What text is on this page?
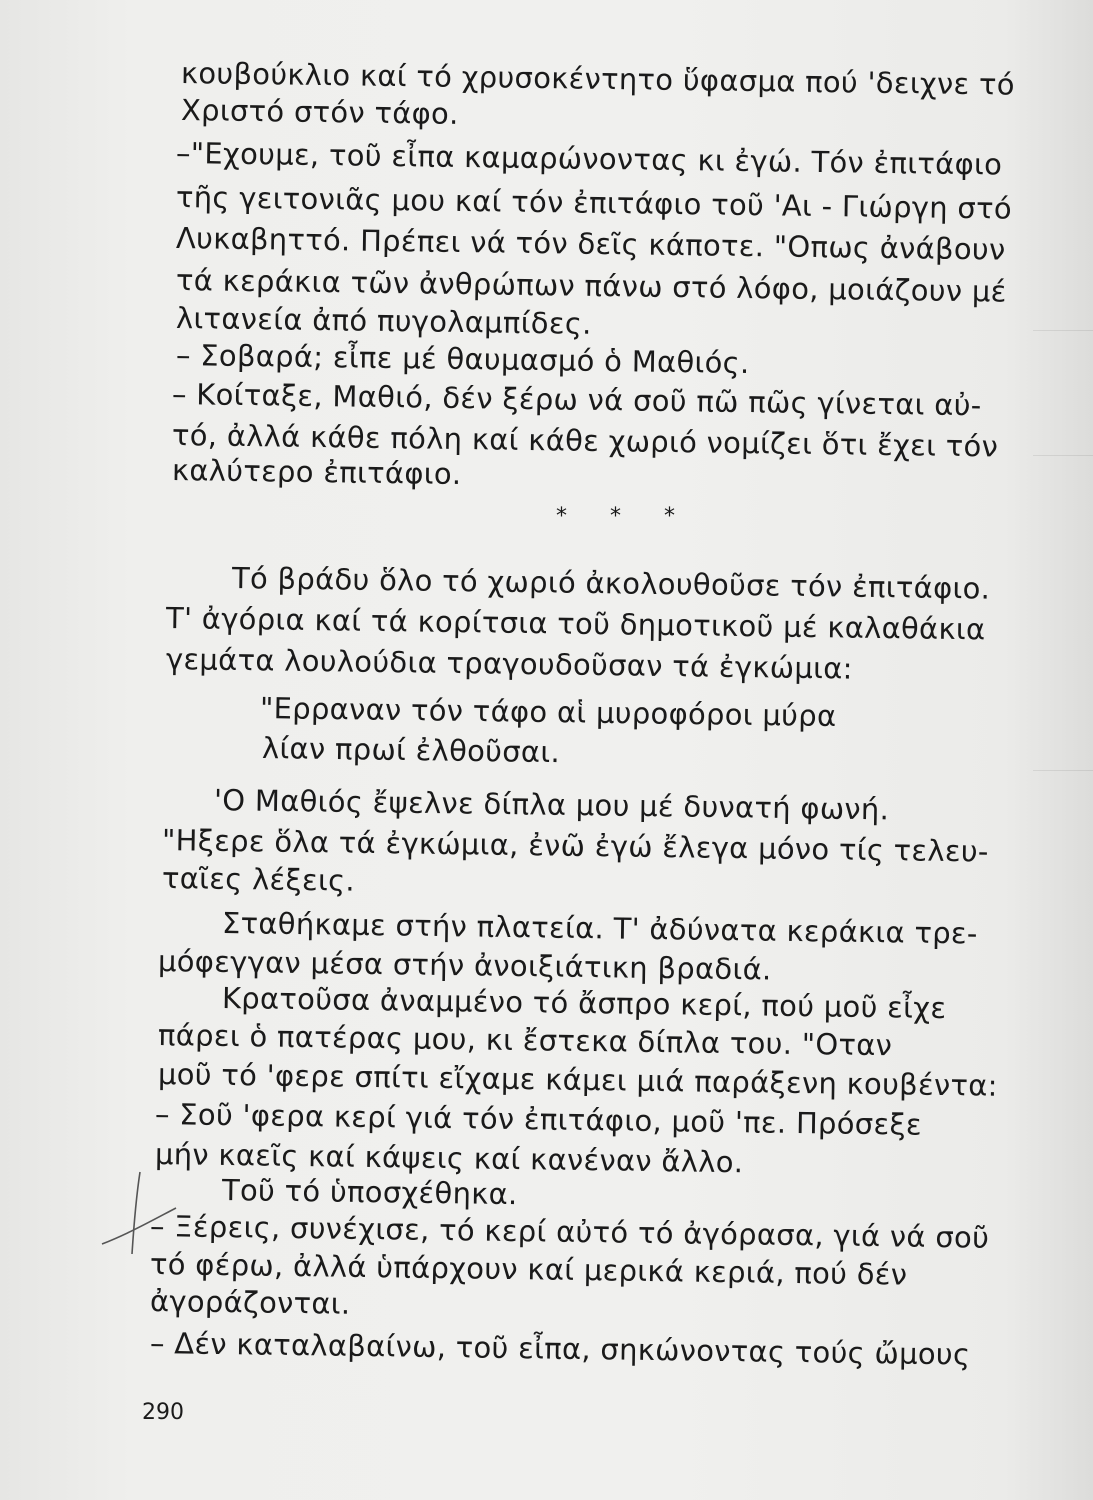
κουβούκλιο καί τό χρυσοκέντητο ὕφασμα πού 'δειχνε τό
Χριστό στόν τάφο.
–"Εχουμε, τοῦ εἶπα καμαρώνοντας κι ἐγώ. Τόν ἐπιτάφιο
τῆς γειτονιᾶς μου καί τόν ἐπιτάφιο τοῦ 'Αι - Γιώργη στό
Λυκαβηττό. Πρέπει νά τόν δεῖς κάποτε. "Οπως ἀνάβουν
τά κεράκια τῶν ἀνθρώπων πάνω στό λόφο, μοιάζουν μέ
λιτανεία ἀπό πυγολαμπίδες.
– Σοβαρά; εἶπε μέ θαυμασμό ὁ Μαθιός.
– Κοίταξε, Μαθιό, δέν ξέρω νά σοῦ πῶ πῶς γίνεται αὐ-
τό, ἀλλά κάθε πόλη καί κάθε χωριό νομίζει ὅτι ἔχει τόν
καλύτερο ἐπιτάφιο.
* * *
Τό βράδυ ὅλο τό χωριό ἀκολουθοῦσε τόν ἐπιτάφιο.
Τ' ἀγόρια καί τά κορίτσια τοῦ δημοτικοῦ μέ καλαθάκια
γεμάτα λουλούδια τραγουδοῦσαν τά ἐγκώμια:
"Ερραναν τόν τάφο αἱ μυροφόροι μύρα
λίαν πρωί ἐλθοῦσαι.
'Ο Μαθιός ἔψελνε δίπλα μου μέ δυνατή φωνή.
"Ηξερε ὅλα τά ἐγκώμια, ἐνῶ ἐγώ ἔλεγα μόνο τίς τελευ-
ταῖες λέξεις.
Σταθήκαμε στήν πλατεία. Τ' ἀδύνατα κεράκια τρε-
μόφεγγαν μέσα στήν ἀνοιξιάτικη βραδιά.
Κρατοῦσα ἀναμμένο τό ἄσπρο κερί, πού μοῦ εἶχε
πάρει ὁ πατέρας μου, κι ἔστεκα δίπλα του. "Οταν
μοῦ τό 'φερε σπίτι εἴχαμε κάμει μιά παράξενη κουβέντα:
– Σοῦ 'φερα κερί γιά τόν ἐπιτάφιο, μοῦ 'πε. Πρόσεξε
μήν καεῖς καί κάψεις καί κανέναν ἄλλο.
Τοῦ τό ὑποσχέθηκα.
– Ξέρεις, συνέχισε, τό κερί αὐτό τό ἀγόρασα, γιά νά σοῦ
τό φέρω, ἀλλά ὑπάρχουν καί μερικά κεριά, πού δέν
ἀγοράζονται.
– Δέν καταλαβαίνω, τοῦ εἶπα, σηκώνοντας τούς ὤμους
290
